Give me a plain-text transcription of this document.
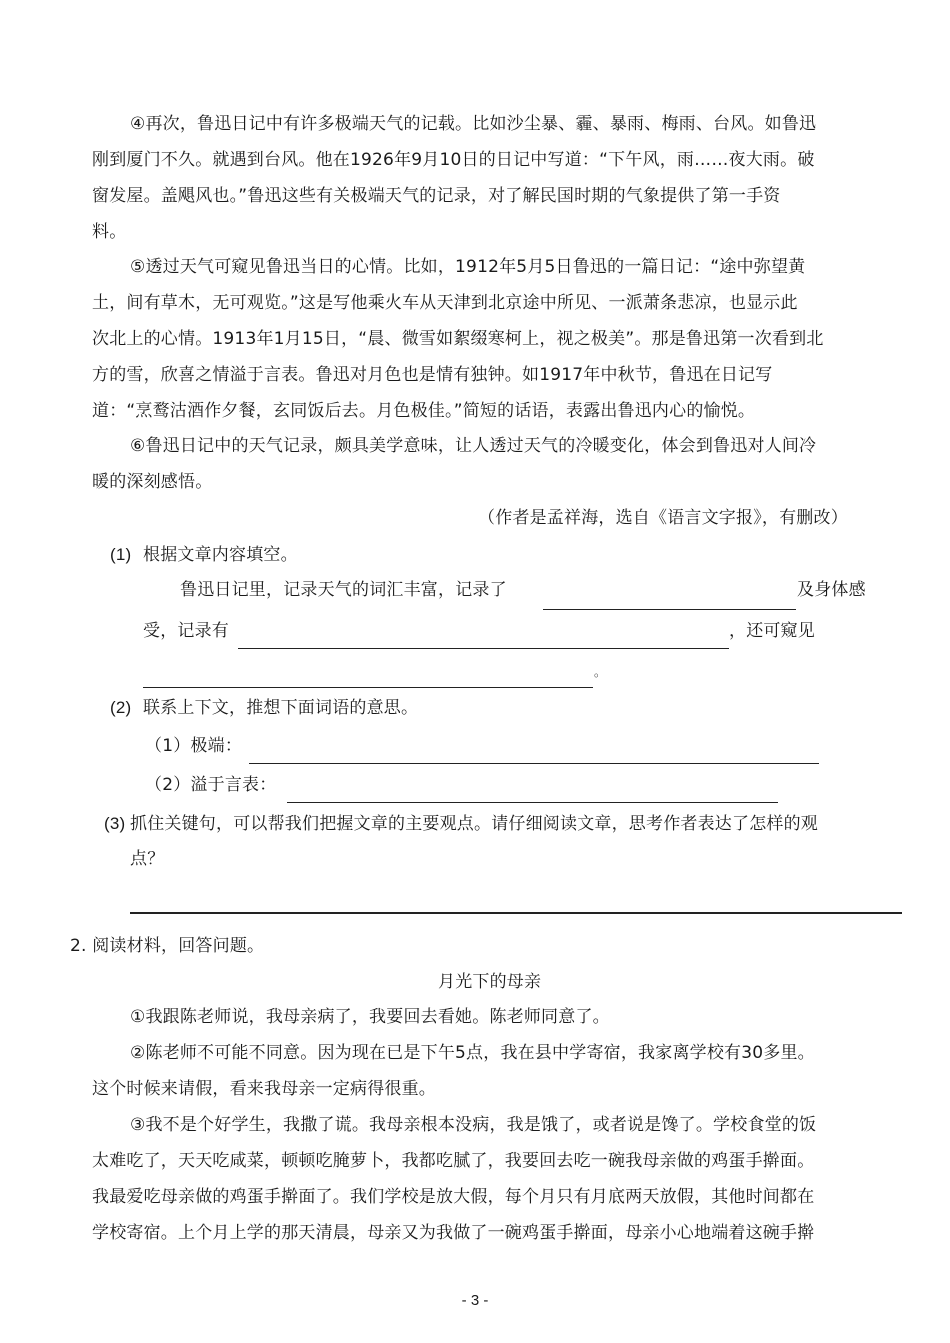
④再次，鲁迅日记中有许多极端天气的记载。比如沙尘暴、霾、暴雨、梅雨、台风。如鲁迅
刚到厦门不久。就遇到台风。他在1926年9月10日的日记中写道：“下午风，雨……夜大雨。破
窗发屋。盖飓风也。”鲁迅这些有关极端天气的记录，对了解民国时期的气象提供了第一手资
料。
⑤透过天气可窥见鲁迅当日的心情。比如，1912年5月5日鲁迅的一篇日记：“途中弥望黄
土，间有草木，无可观览。”这是写他乘火车从天津到北京途中所见、一派萧条悲凉，也显示此
次北上的心情。1913年1月15日，“晨、微雪如絮缀寒柯上，视之极美”。那是鲁迅第一次看到北
方的雪，欣喜之情溢于言表。鲁迅对月色也是情有独钟。如1917年中秋节，鲁迅在日记写
道：“烹鹜沽酒作夕餐，玄同饭后去。月色极佳。”简短的话语，表露出鲁迅内心的愉悦。
⑥鲁迅日记中的天气记录，颇具美学意味，让人透过天气的冷暖变化，体会到鲁迅对人间冷
暖的深刻感悟。
（作者是孟祥海，选自《语言文字报》，有删改）
(1) 根据文章内容填空。
鲁迅日记里，记录天气的词汇丰富，记录了	及身体感
受，记录有	，还可窥见
。
(2) 联系上下文，推想下面词语的意思。
（1）极端：
（2）溢于言表：
(3) 抓住关键句，可以帮我们把握文章的主要观点。请仔细阅读文章，思考作者表达了怎样的观
点？
2. 阅读材料，回答问题。
月光下的母亲
①我跟陈老师说，我母亲病了，我要回去看她。陈老师同意了。
②陈老师不可能不同意。因为现在已是下午5点，我在县中学寄宿，我家离学校有30多里。
这个时候来请假，看来我母亲一定病得很重。
③我不是个好学生，我撒了谎。我母亲根本没病，我是饿了，或者说是馋了。学校食堂的饭
太难吃了，天天吃咸菜，顿顿吃腌萝卜，我都吃腻了，我要回去吃一碗我母亲做的鸡蛋手擀面。
我最爱吃母亲做的鸡蛋手擀面了。我们学校是放大假，每个月只有月底两天放假，其他时间都在
学校寄宿。上个月上学的那天清晨，母亲又为我做了一碗鸡蛋手擀面，母亲小心地端着这碗手擀
- 3 -
